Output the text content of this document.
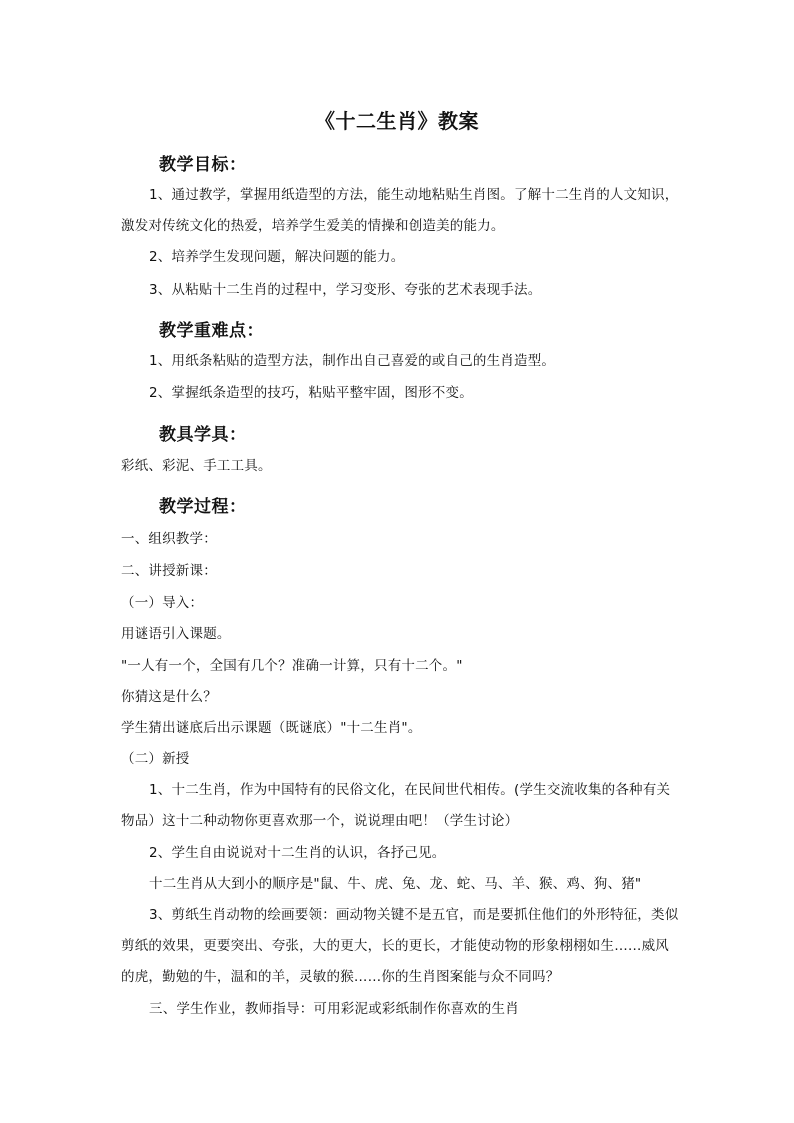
《十二生肖》教案
教学目标：
1、通过教学，掌握用纸造型的方法，能生动地粘贴生肖图。了解十二生肖的人文知识，激发对传统文化的热爱，培养学生爱美的情操和创造美的能力。
2、培养学生发现问题，解决问题的能力。
3、从粘贴十二生肖的过程中，学习变形、夸张的艺术表现手法。
教学重难点：
1、用纸条粘贴的造型方法，制作出自己喜爱的或自己的生肖造型。
2、掌握纸条造型的技巧，粘贴平整牢固，图形不变。
教具学具：
彩纸、彩泥、手工工具。
教学过程：
一、组织教学：
二、讲授新课：
（一）导入：
用谜语引入课题。
"一人有一个，全国有几个？准确一计算，只有十二个。"
你猜这是什么？
学生猜出谜底后出示课题（既谜底）"十二生肖"。
（二）新授
1、十二生肖，作为中国特有的民俗文化，在民间世代相传。(学生交流收集的各种有关物品）这十二种动物你更喜欢那一个，说说理由吧！（学生讨论）
2、学生自由说说对十二生肖的认识，各抒己见。
十二生肖从大到小的顺序是"鼠、牛、虎、兔、龙、蛇、马、羊、猴、鸡、狗、猪"
3、剪纸生肖动物的绘画要领：画动物关键不是五官，而是要抓住他们的外形特征，类似剪纸的效果，更要突出、夸张，大的更大，长的更长，才能使动物的形象栩栩如生……威风的虎，勤勉的牛，温和的羊，灵敏的猴……你的生肖图案能与众不同吗？
三、学生作业，教师指导：可用彩泥或彩纸制作你喜欢的生肖
